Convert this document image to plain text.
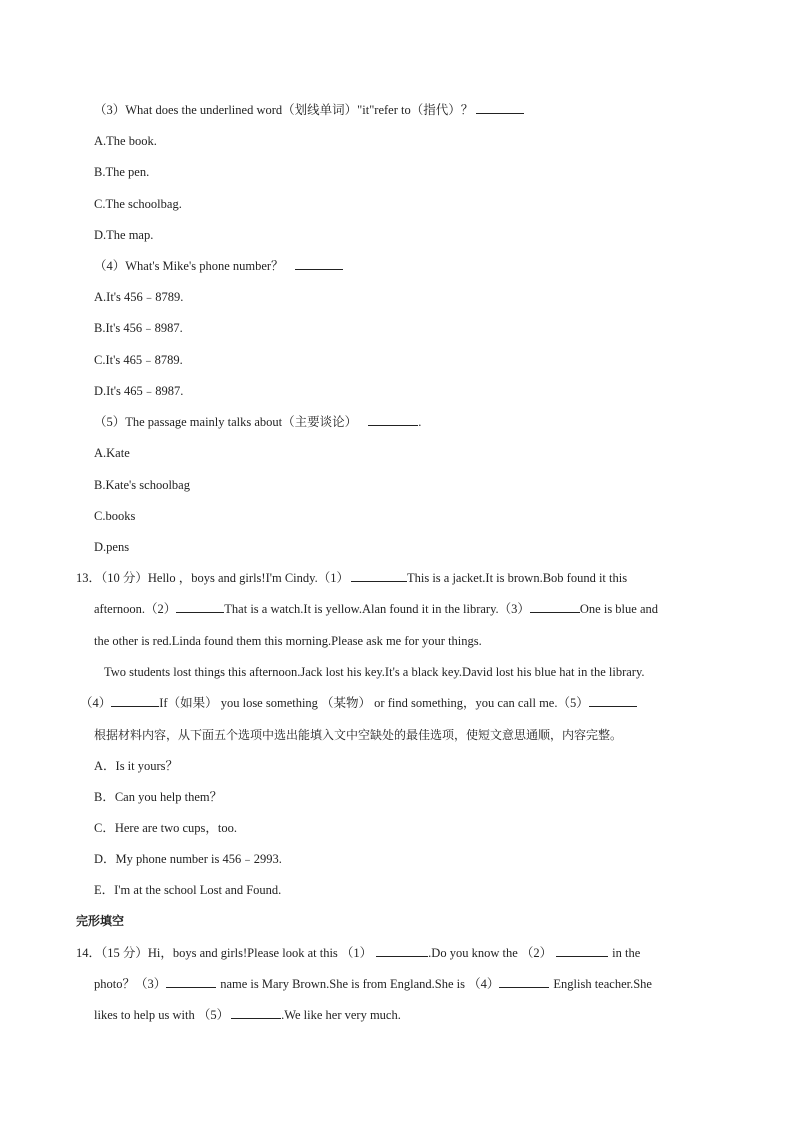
（3）What does the underlined word（划线单词）"it"refer to（指代）？
A.The book.
B.The pen.
C.The schoolbag.
D.The map.
（4）What's Mike's phone number？
A.It's 456﹣8789.
B.It's 456﹣8987.
C.It's 465﹣8789.
D.It's 465﹣8987.
（5）The passage mainly talks about（主要谈论）	.
A.Kate
B.Kate's schoolbag
C.books
D.pens
13．（10 分）Hello ，boys and girls!I'm Cindy.（1）	This is a jacket.It is brown.Bob found it this
afternoon.（2）	That is a watch.It is yellow.Alan found it in the library.（3）	One is blue and
the other is red.Linda found them this morning.Please ask me for your things.
Two students lost things this afternoon.Jack lost his key.It's a black key.David lost his blue hat in the library.
（4）	If（如果） you lose something （某物） or find something，you can call me.（5）
根据材料内容，从下面五个选项中选出能填入文中空缺处的最佳选项，使短文意思通顺，内容完整。
A．Is it yours？
B．Can you help them？
C．Here are two cups，too.
D．My phone number is 456﹣2993.
E．I'm at the school Lost and Found.
完形填空
14．（15 分）Hi，boys and girls!Please look at this （1）	.Do you know the （2）	in the
photo？（3）	name is Mary Brown.She is from England.She is （4）	English teacher.She
likes to help us with （5）	.We like her very much.
